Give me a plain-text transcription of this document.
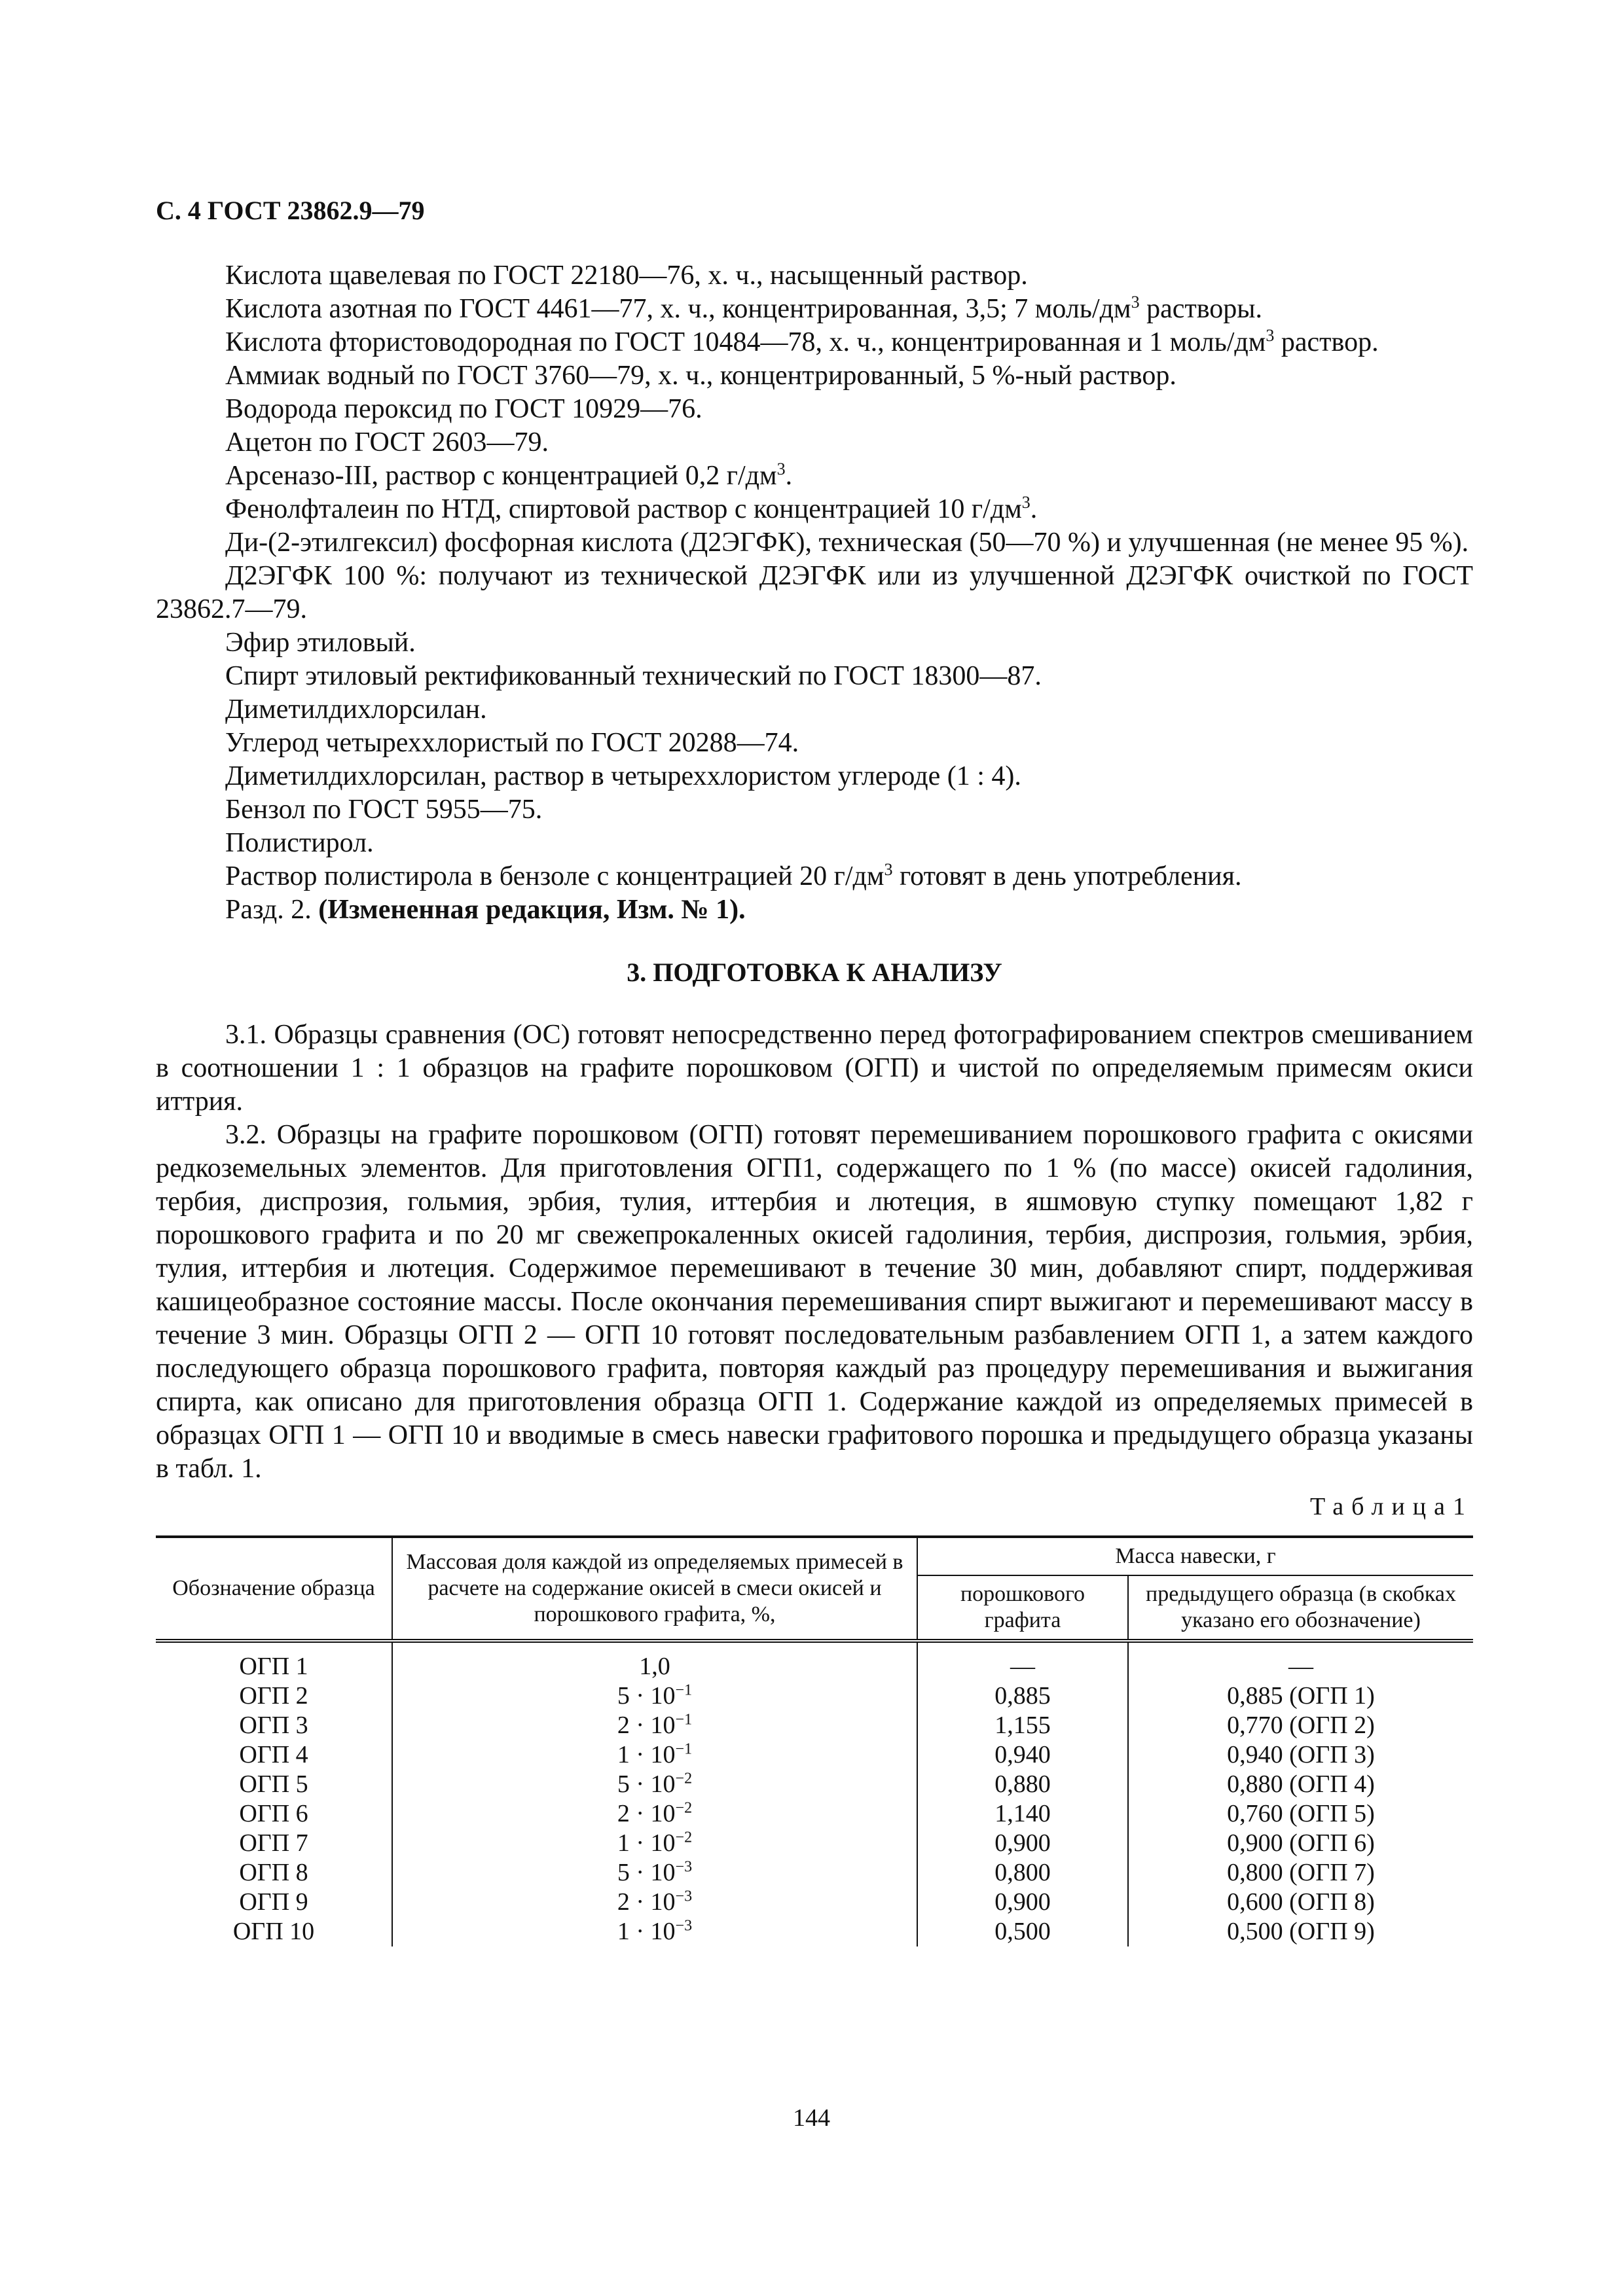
С. 4 ГОСТ 23862.9—79

Кислота щавелевая по ГОСТ 22180—76, х. ч., насыщенный раствор.

Кислота азотная по ГОСТ 4461—77, х. ч., концентрированная, 3,5; 7 моль/$дм^3$ растворы.

Кислота фтористоводородная по ГОСТ 10484—78, х. ч., концентрированная и 1 моль/$дм^3$ раствор.

Аммиак водный по ГОСТ 3760—79, х. ч., концентрированный, 5 %-ный раствор.

Водорода пероксид по ГОСТ 10929—76.

Ацетон по ГОСТ 2603—79.

Арсеназо-III, раствор с концентрацией 0,2 $г/дм^3$.

Фенолфталеин по НТД, спиртовой раствор с концентрацией 10 $г/дм^3$.

Ди-(2-этилгексил) фосфорная кислота (Д2ЭГФК), техническая (50—70 %) и улучшенная (не менее 95 %).

Д2ЭГФК 100 %: получают из технической Д2ЭГФК или из улучшенной Д2ЭГФК очисткой по ГОСТ 23862.7—79.

Эфир этиловый.

Спирт этиловый ректификованный технический по ГОСТ 18300—87.

Диметилдихлорсилан.

Углерод четыреххлористый по ГОСТ 20288—74.

Диметилдихлорсилан, раствор в четыреххлористом углероде (1 : 4).

Бензол по ГОСТ 5955—75.

Полистирол.

Раствор полистирола в бензоле с концентрацией 20 $г/дм^3$ готовят в день употребления.

Разд. 2. (Измененная редакция, Изм. № 1).

3. ПОДГОТОВКА К АНАЛИЗУ

3.1. Образцы сравнения (ОС) готовят непосредственно перед фотографированием спектров смешиванием в соотношении 1 : 1 образцов на графите порошковом (ОГП) и чистой по определяемым примесям окиси иттрия.

3.2. Образцы на графите порошковом (ОГП) готовят перемешиванием порошкового графита с окисями редкоземельных элементов. Для приготовления ОГП1, содержащего по 1 % (по массе) окисей гадолиния, тербия, диспрозия, гольмия, эрбия, тулия, иттербия и лютеция, в яшмовую ступку помещают 1,82 г порошкового графита и по 20 мг свежепрокаленных окисей гадолиния, тербия, диспрозия, гольмия, эрбия, тулия, иттербия и лютеция. Содержимое перемешивают в течение 30 мин, добавляют спирт, поддерживая кашицеобразное состояние массы. После окончания перемешивания спирт выжигают и перемешивают массу в течение 3 мин. Образцы ОГП 2 — ОГП 10 готовят последовательным разбавлением ОГП 1, а затем каждого последующего образца порошкового графита, повторяя каждый раз процедуру перемешивания и выжигания спирта, как описано для приготовления образца ОГП 1. Содержание каждой из определяемых примесей в образцах ОГП 1 — ОГП 10 и вводимые в смесь навески графитового порошка и предыдущего образца указаны в табл. 1.

Таблица1
Обозначение образца	Массовая доля каждой из определяемых примесей в расчете на содержание окисей в смеси окисей и порошкового графита, %,	Масса навески, г	
		порошкового графита	предыдущего образца (в скобках указано его обозначение)
ОГП 1	1,0	—	—
ОГП 2	$5 \cdot 10^{-1}$	0,885	0,885 (ОГП 1)
ОГП 3	$2 \cdot 10^{-1}$	1,155	0,770 (ОГП 2)
ОГП 4	$1 \cdot 10^{-1}$	0,940	0,940 (ОГП 3)
ОГП 5	$5 \cdot 10^{-2}$	0,880	0,880 (ОГП 4)
ОГП 6	$2 \cdot 10^{-2}$	1,140	0,760 (ОГП 5)
ОГП 7	$1 \cdot 10^{-2}$	0,900	0,900 (ОГП 6)
ОГП 8	$5 \cdot 10^{-3}$	0,800	0,800 (ОГП 7)
ОГП 9	$2 \cdot 10^{-3}$	0,900	0,600 (ОГП 8)
ОГП 10	$1 \cdot 10^{-3}$	0,500	0,500 (ОГП 9)
144
